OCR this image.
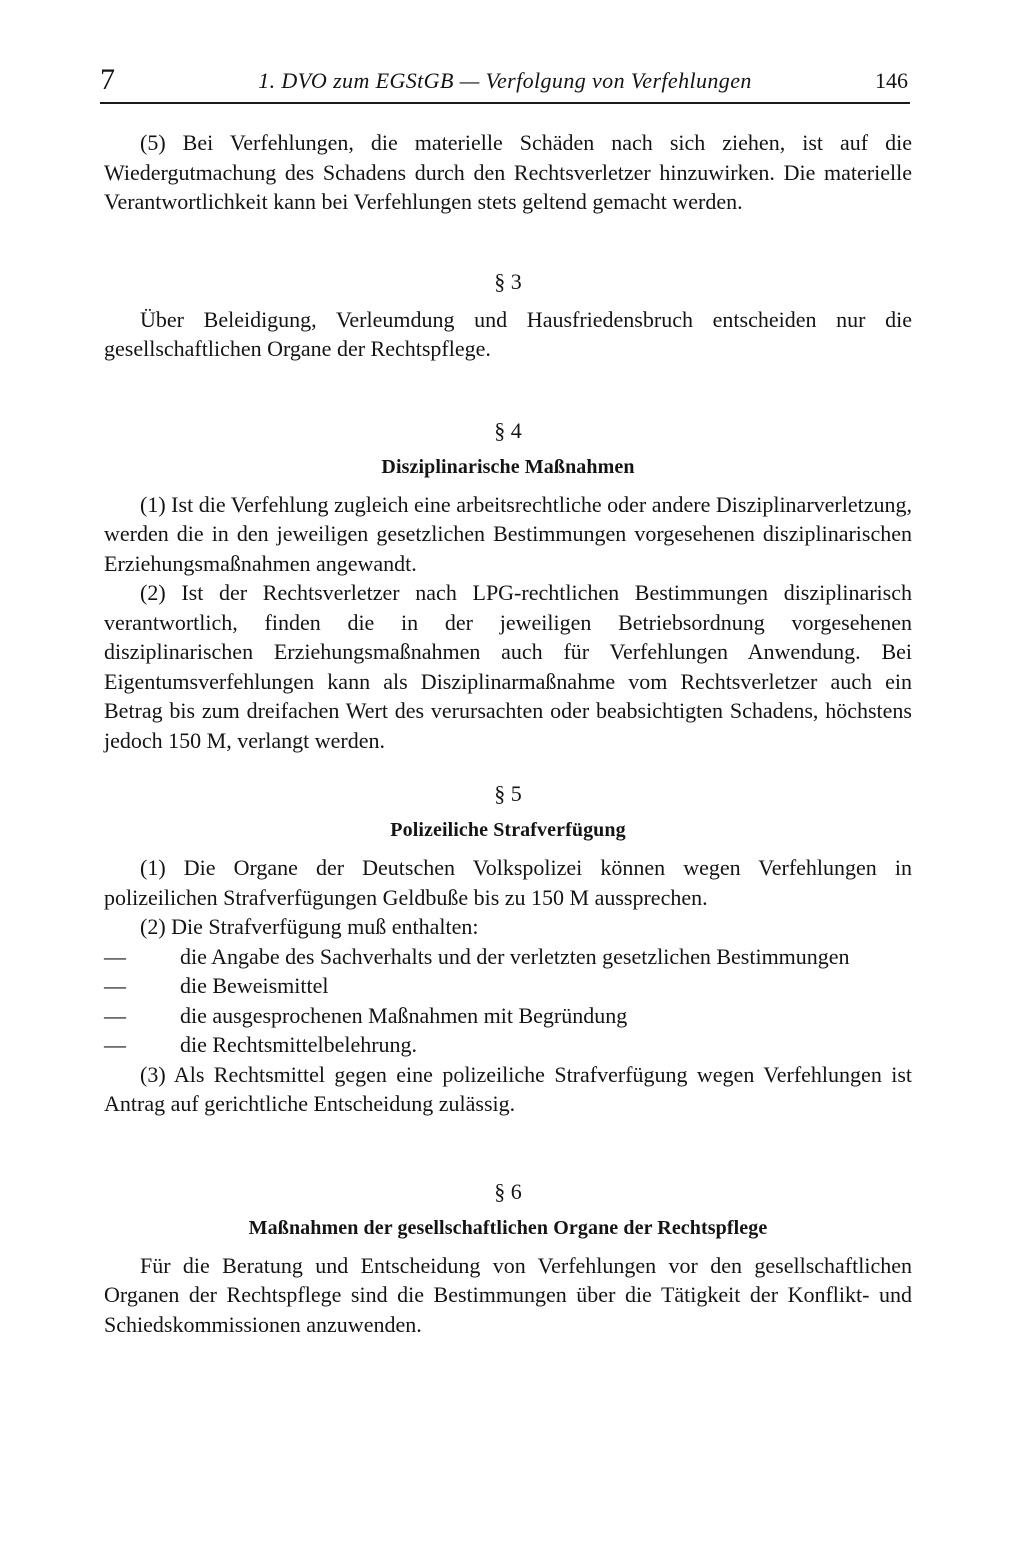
7	1. DVO zum EGStGB — Verfolgung von Verfehlungen	146

(5) Bei Verfehlungen, die materielle Schäden nach sich ziehen, ist auf die Wiedergutmachung des Schadens durch den Rechtsverletzer hinzuwirken. Die materielle Verantwortlichkeit kann bei Verfehlungen stets geltend gemacht werden.

§ 3

Über Beleidigung, Verleumdung und Hausfriedensbruch entscheiden nur die gesellschaftlichen Organe der Rechtspflege.

§ 4
Disziplinarische Maßnahmen

(1) Ist die Verfehlung zugleich eine arbeitsrechtliche oder andere Disziplinarverletzung, werden die in den jeweiligen gesetzlichen Bestimmungen vorgesehenen disziplinarischen Erziehungsmaßnahmen angewandt.

(2) Ist der Rechtsverletzer nach LPG-rechtlichen Bestimmungen disziplinarisch verantwortlich, finden die in der jeweiligen Betriebsordnung vorgesehenen disziplinarischen Erziehungsmaßnahmen auch für Verfehlungen Anwendung. Bei Eigentumsverfehlungen kann als Disziplinarmaßnahme vom Rechtsverletzer auch ein Betrag bis zum dreifachen Wert des verursachten oder beabsichtigten Schadens, höchstens jedoch 150 M, verlangt werden.

§ 5
Polizeiliche Strafverfügung

(1) Die Organe der Deutschen Volkspolizei können wegen Verfehlungen in polizeilichen Strafverfügungen Geldbuße bis zu 150 M aussprechen.

(2) Die Strafverfügung muß enthalten:

— die Angabe des Sachverhalts und der verletzten gesetzlichen Bestimmungen
— die Beweismittel
— die ausgesprochenen Maßnahmen mit Begründung
— die Rechtsmittelbelehrung.

(3) Als Rechtsmittel gegen eine polizeiliche Strafverfügung wegen Verfehlungen ist Antrag auf gerichtliche Entscheidung zulässig.

§ 6
Maßnahmen der gesellschaftlichen Organe der Rechtspflege

Für die Beratung und Entscheidung von Verfehlungen vor den gesellschaftlichen Organen der Rechtspflege sind die Bestimmungen über die Tätigkeit der Konflikt- und Schiedskommissionen anzuwenden.
